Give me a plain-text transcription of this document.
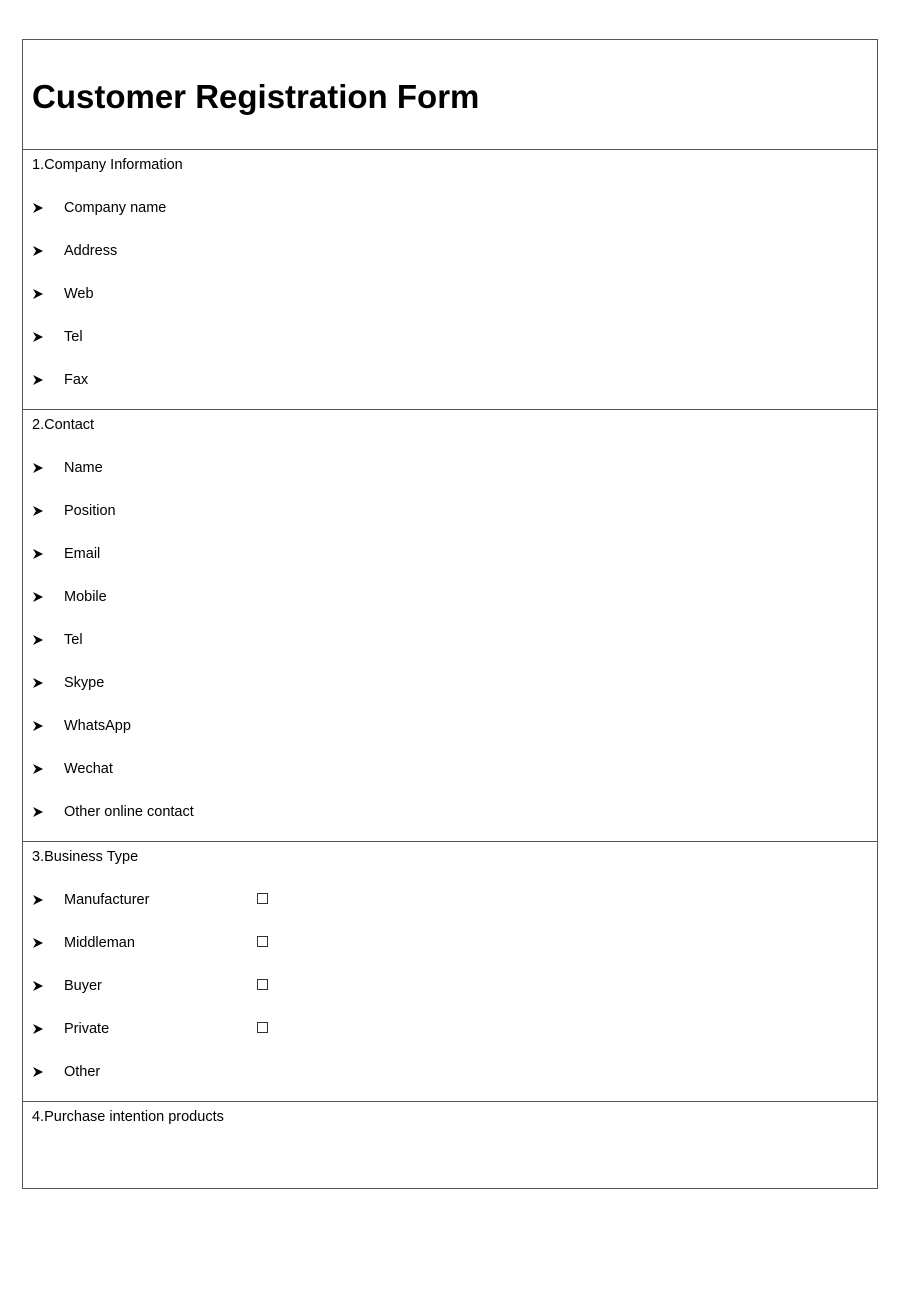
Customer Registration Form
1.Company Information
Company name
Address
Web
Tel
Fax
2.Contact
Name
Position
Email
Mobile
Tel
Skype
WhatsApp
Wechat
Other online contact
3.Business Type
Manufacturer
Middleman
Buyer
Private
Other
4.Purchase intention products
